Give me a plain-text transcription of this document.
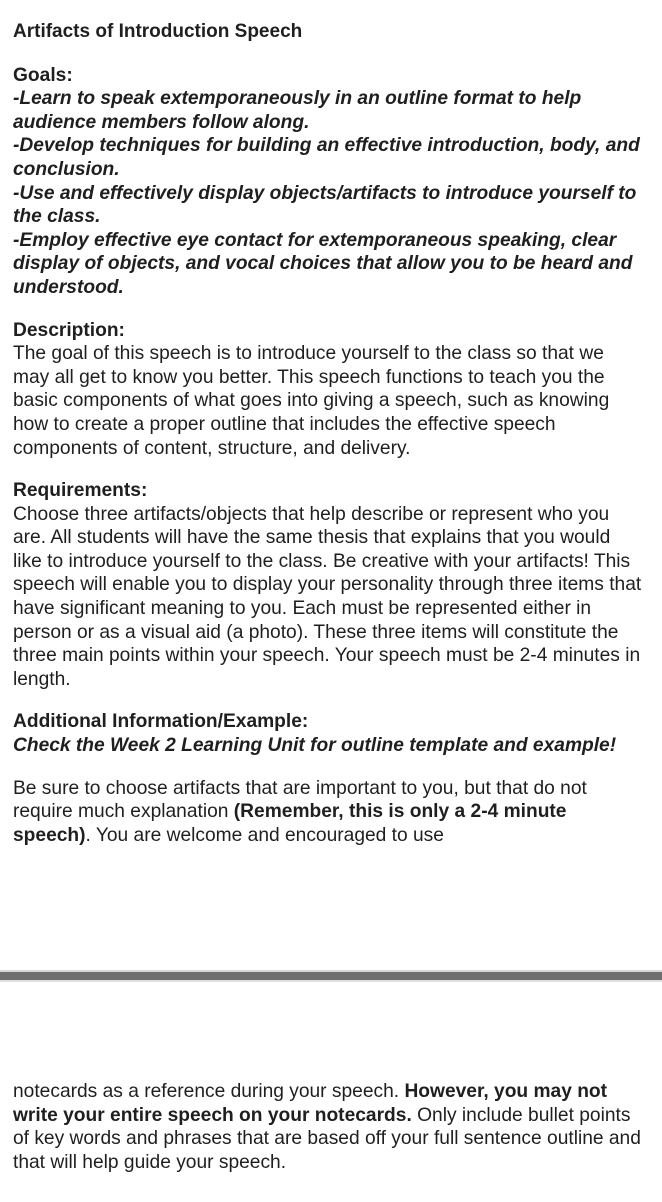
Artifacts of Introduction Speech

Goals:

-Learn to speak extemporaneously in an outline format to help audience members follow along.

-Develop techniques for building an effective introduction, body, and conclusion.

-Use and effectively display objects/artifacts to introduce yourself to the class.

-Employ effective eye contact for extemporaneous speaking, clear display of objects, and vocal choices that allow you to be heard and understood.

Description:

The goal of this speech is to introduce yourself to the class so that we may all get to know you better. This speech functions to teach you the basic components of what goes into giving a speech, such as knowing how to create a proper outline that includes the effective speech components of content, structure, and delivery.

Requirements:

Choose three artifacts/objects that help describe or represent who you are. All students will have the same thesis that explains that you would like to introduce yourself to the class. Be creative with your artifacts! This speech will enable you to display your personality through three items that have significant meaning to you. Each must be represented either in person or as a visual aid (a photo). These three items will constitute the three main points within your speech. Your speech must be 2-4 minutes in length.

Additional Information/Example:

Check the Week 2 Learning Unit for outline template and example!

Be sure to choose artifacts that are important to you, but that do not require much explanation (Remember, this is only a 2-4 minute speech). You are welcome and encouraged to use

notecards as a reference during your speech. However, you may not write your entire speech on your notecards. Only include bullet points of key words and phrases that are based off your full sentence outline and that will help guide your speech.
